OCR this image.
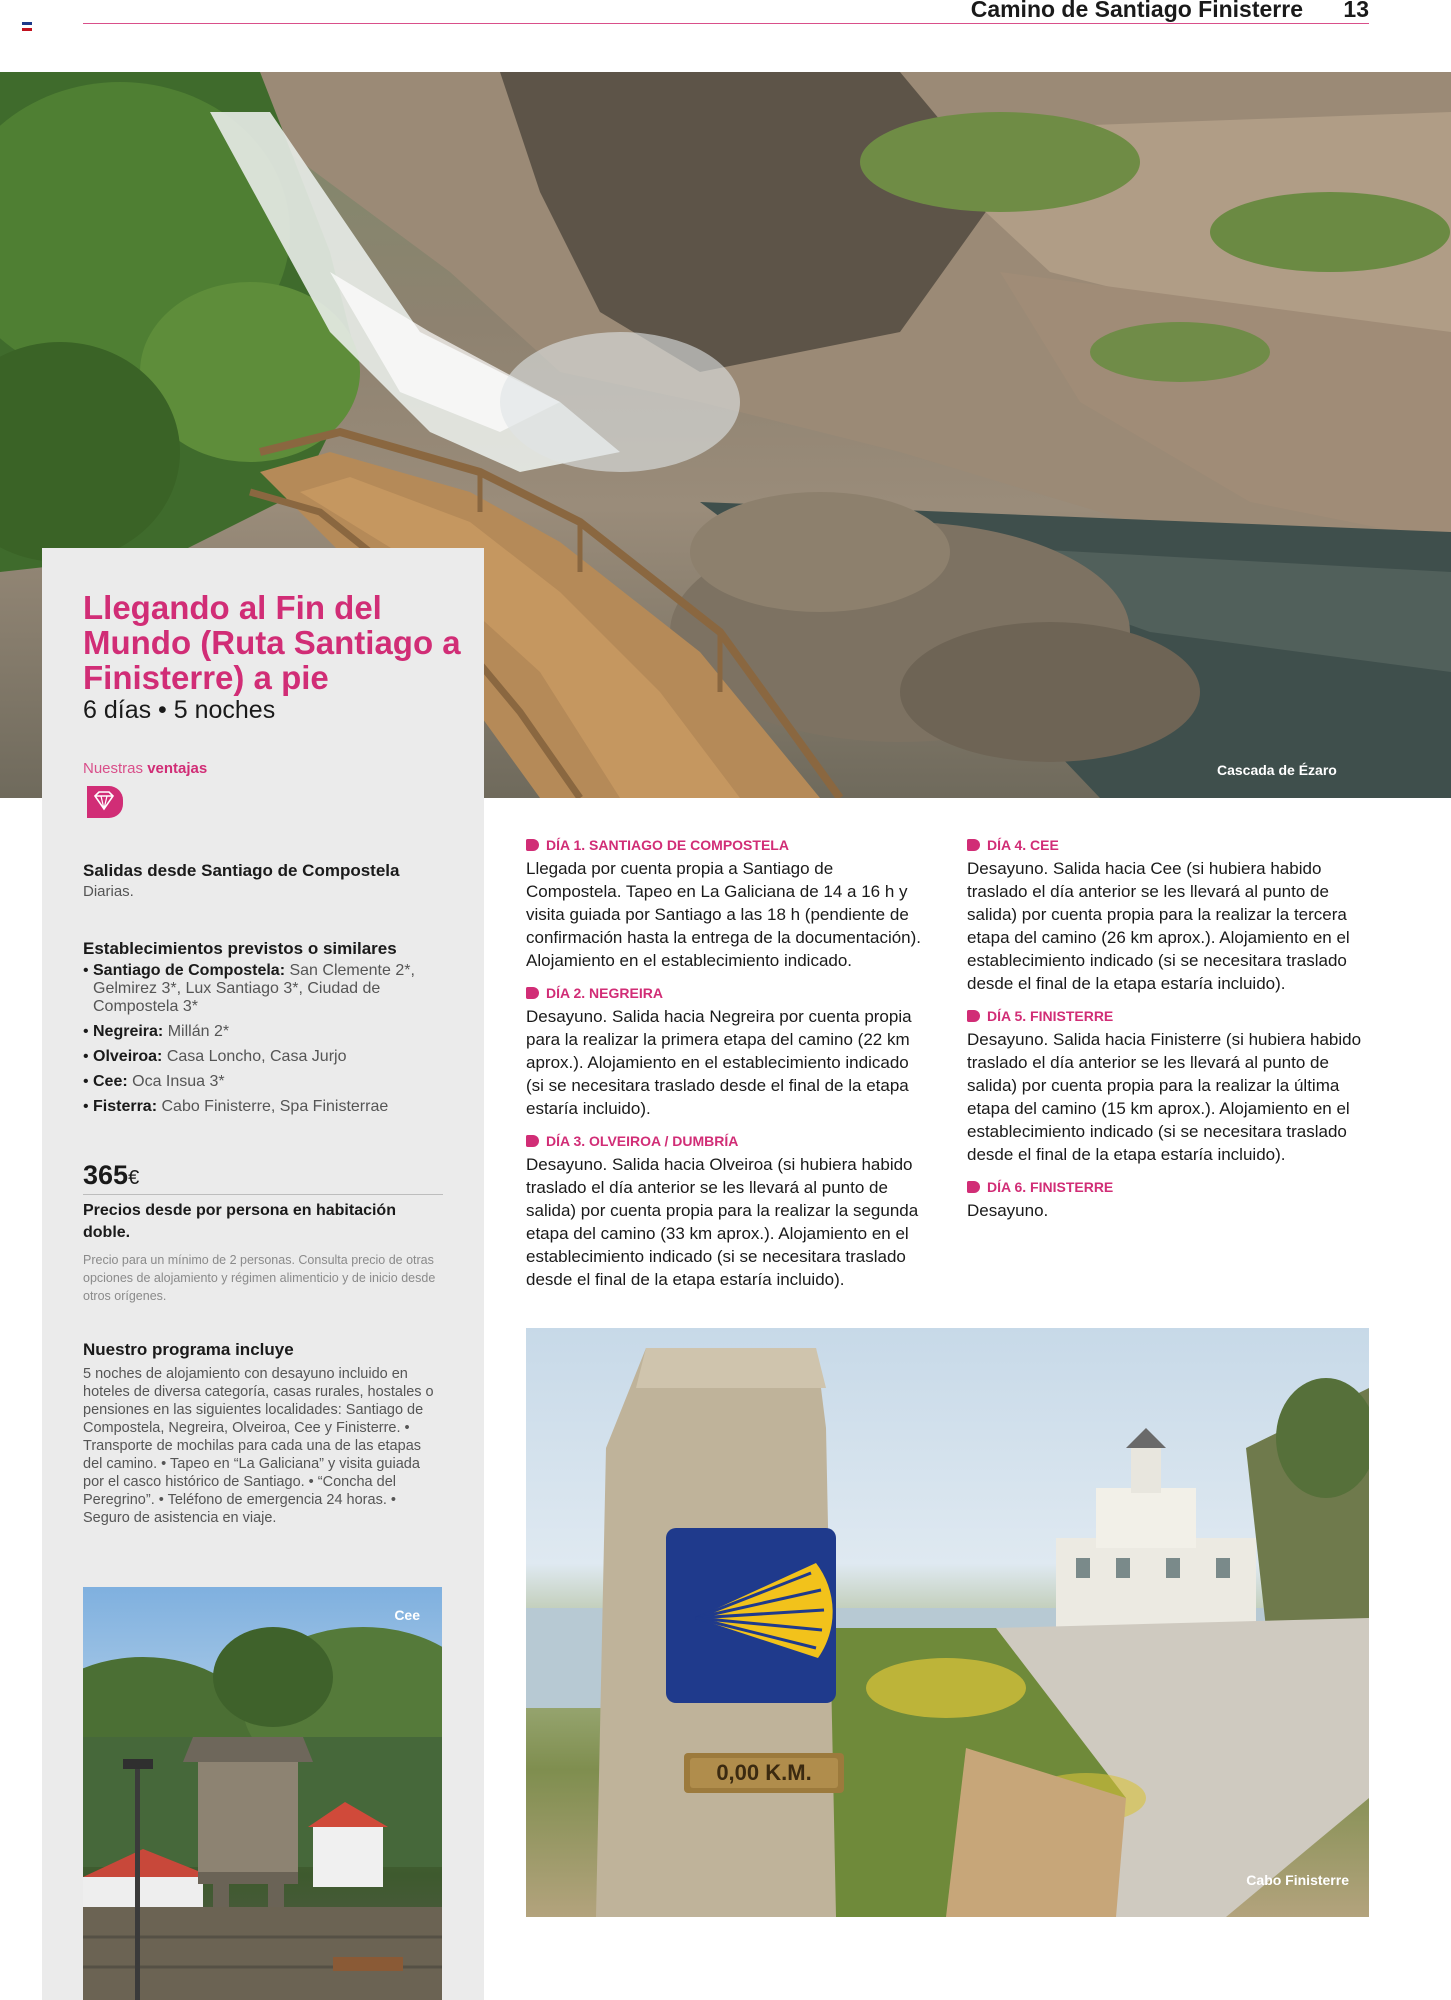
Camino de Santiago Finisterre 13
Cascada de Ézaro
Llegando al Fin del Mundo (Ruta Santiago a Finisterre) a pie
6 días • 5 noches
Nuestras ventajas
Salidas desde Santiago de Compostela
Diarias.
Establecimientos previstos o similares
• Santiago de Compostela: San Clemente 2*, Gelmirez 3*, Lux Santiago 3*, Ciudad de Compostela 3*
• Negreira: Millán 2*
• Olveiroa: Casa Loncho, Casa Jurjo
• Cee: Oca Insua 3*
• Fisterra: Cabo Finisterre, Spa Finisterrae
365€
Precios desde por persona en habitación doble.
Precio para un mínimo de 2 personas. Consulta precio de otras opciones de alojamiento y régimen alimenticio y de inicio desde otros orígenes.
Nuestro programa incluye
5 noches de alojamiento con desayuno incluido en hoteles de diversa categoría, casas rurales, hostales o pensiones en las siguientes localidades: Santiago de Compostela, Negreira, Olveiroa, Cee y Finisterre. • Transporte de mochilas para cada una de las etapas del camino. • Tapeo en “La Galiciana” y visita guiada por el casco histórico de Santiago. • “Concha del Peregrino”. • Teléfono de emergencia 24 horas. • Seguro de asistencia en viaje.
Cee
DÍA 1. SANTIAGO DE COMPOSTELA
Llegada por cuenta propia a Santiago de Compostela. Tapeo en La Galiciana de 14 a 16 h y visita guiada por Santiago a las 18 h (pendiente de confirmación hasta la entrega de la documentación). Alojamiento en el establecimiento indicado.
DÍA 2. NEGREIRA
Desayuno. Salida hacia Negreira por cuenta propia para la realizar la primera etapa del camino (22 km aprox.). Alojamiento en el establecimiento indicado (si se necesitara traslado desde el final de la etapa estaría incluido).
DÍA 3. OLVEIROA / DUMBRÍA
Desayuno. Salida hacia Olveiroa (si hubiera habido traslado el día anterior se les llevará al punto de salida) por cuenta propia para la realizar la segunda etapa del camino (33 km aprox.). Alojamiento en el establecimiento indicado (si se necesitara traslado desde el final de la etapa estaría incluido).
DÍA 4. CEE
Desayuno. Salida hacia Cee (si hubiera habido traslado el día anterior se les llevará al punto de salida) por cuenta propia para la realizar la tercera etapa del camino (26 km aprox.). Alojamiento en el establecimiento indicado (si se necesitara traslado desde el final de la etapa estaría incluido).
DÍA 5. FINISTERRE
Desayuno. Salida hacia Finisterre (si hubiera habido traslado el día anterior se les llevará al punto de salida) por cuenta propia para la realizar la última etapa del camino (15 km aprox.). Alojamiento en el establecimiento indicado (si se necesitara traslado desde el final de la etapa estaría incluido).
DÍA 6. FINISTERRE
Desayuno.
0,00 K.M.
Cabo Finisterre
